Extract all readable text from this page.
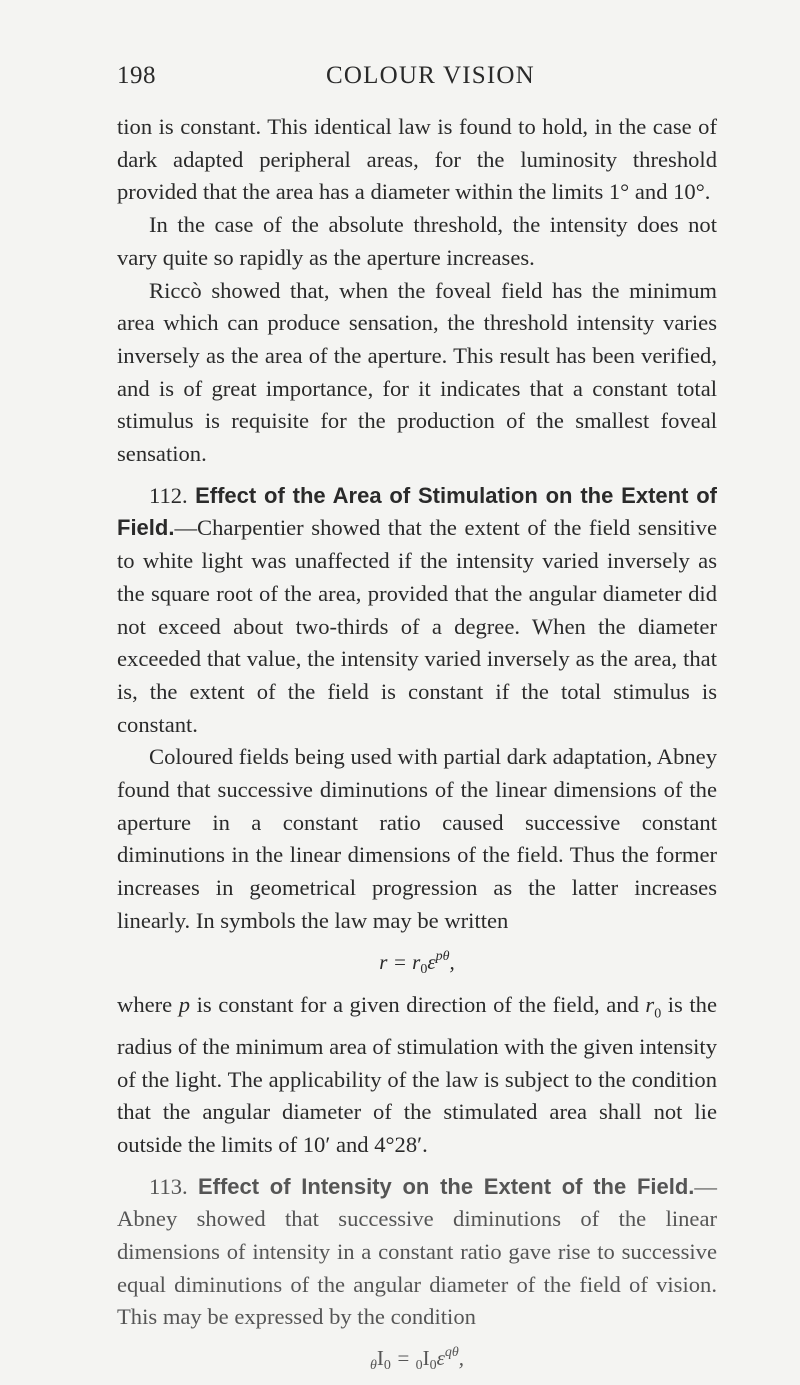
198	COLOUR VISION

tion is constant. This identical law is found to hold, in the case of dark adapted peripheral areas, for the luminosity threshold provided that the area has a diameter within the limits 1° and 10°.

In the case of the absolute threshold, the intensity does not vary quite so rapidly as the aperture increases.

Riccò showed that, when the foveal field has the minimum area which can produce sensation, the threshold intensity varies inversely as the area of the aperture. This result has been verified, and is of great importance, for it indicates that a constant total stimulus is requisite for the production of the smallest foveal sensation.

112. Effect of the Area of Stimulation on the Extent of Field.—Charpentier showed that the extent of the field sensitive to white light was unaffected if the intensity varied inversely as the square root of the area, provided that the angular diameter did not exceed about two-thirds of a degree. When the diameter exceeded that value, the intensity varied inversely as the area, that is, the extent of the field is constant if the total stimulus is constant.

Coloured fields being used with partial dark adaptation, Abney found that successive diminutions of the linear dimensions of the aperture in a constant ratio caused successive constant diminutions in the linear dimensions of the field. Thus the former increases in geometrical progression as the latter increases linearly. In symbols the law may be written

$r = r_0\varepsilon^{p\theta}$,

where p is constant for a given direction of the field, and $r_0$ is the radius of the minimum area of stimulation with the given intensity of the light. The applicability of the law is subject to the condition that the angular diameter of the stimulated area shall not lie outside the limits of 10′ and 4°28′.

113. Effect of Intensity on the Extent of the Field.—Abney showed that successive diminutions of the linear dimensions of intensity in a constant ratio gave rise to successive equal diminutions of the angular diameter of the field of vision. This may be expressed by the condition

$\theta I_0 = 0I_0\varepsilon^{q\theta}$,
